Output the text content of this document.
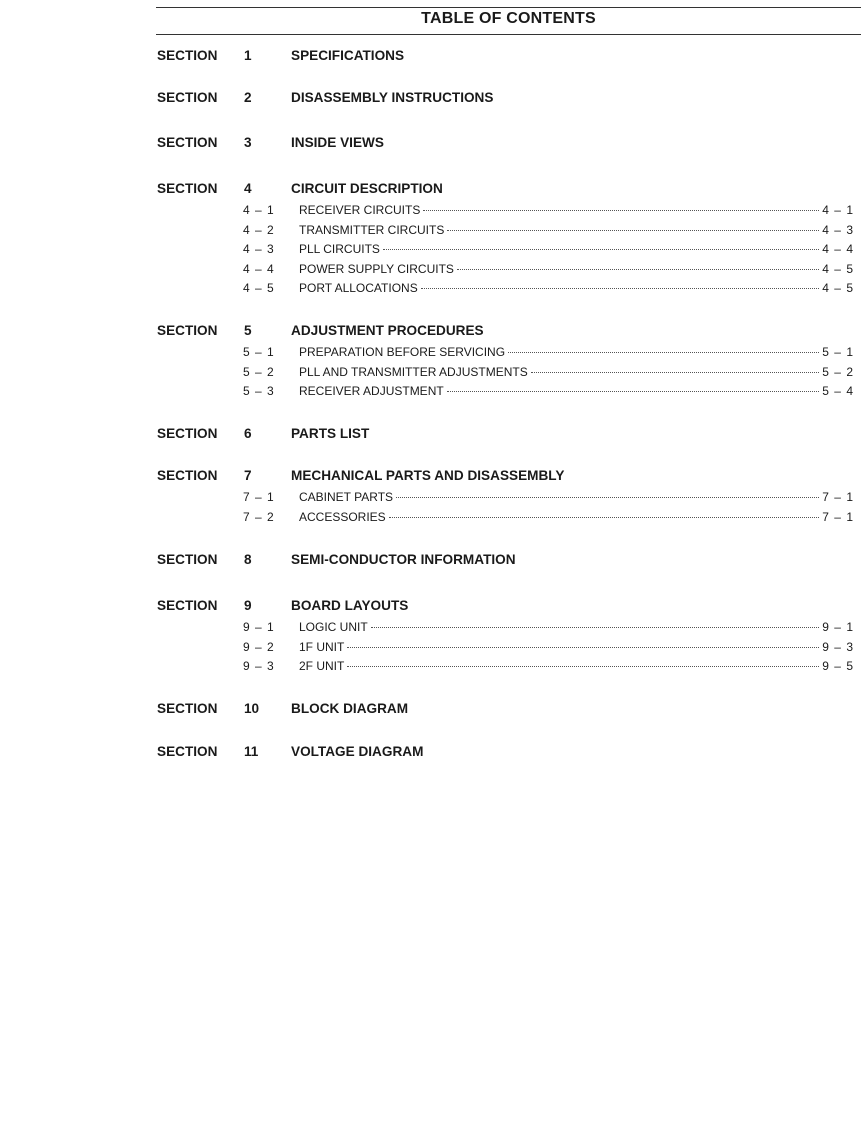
TABLE OF CONTENTS
SECTION	1	SPECIFICATIONS
SECTION	2	DISASSEMBLY INSTRUCTIONS
SECTION	3	INSIDE VIEWS
SECTION	4	CIRCUIT DESCRIPTION
4 – 1	RECEIVER CIRCUITS	4 – 1
4 – 2	TRANSMITTER CIRCUITS	4 – 3
4 – 3	PLL CIRCUITS	4 – 4
4 – 4	POWER SUPPLY CIRCUITS	4 – 5
4 – 5	PORT ALLOCATIONS	4 – 5
SECTION	5	ADJUSTMENT PROCEDURES
5 – 1	PREPARATION BEFORE SERVICING	5 – 1
5 – 2	PLL AND TRANSMITTER ADJUSTMENTS	5 – 2
5 – 3	RECEIVER ADJUSTMENT	5 – 4
SECTION	6	PARTS LIST
SECTION	7	MECHANICAL PARTS AND DISASSEMBLY
7 – 1	CABINET PARTS	7 – 1
7 – 2	ACCESSORIES	7 – 1
SECTION	8	SEMI-CONDUCTOR INFORMATION
SECTION	9	BOARD LAYOUTS
9 – 1	LOGIC UNIT	9 – 1
9 – 2	1F UNIT	9 – 3
9 – 3	2F UNIT	9 – 5
SECTION	10	BLOCK DIAGRAM
SECTION	11	VOLTAGE DIAGRAM
